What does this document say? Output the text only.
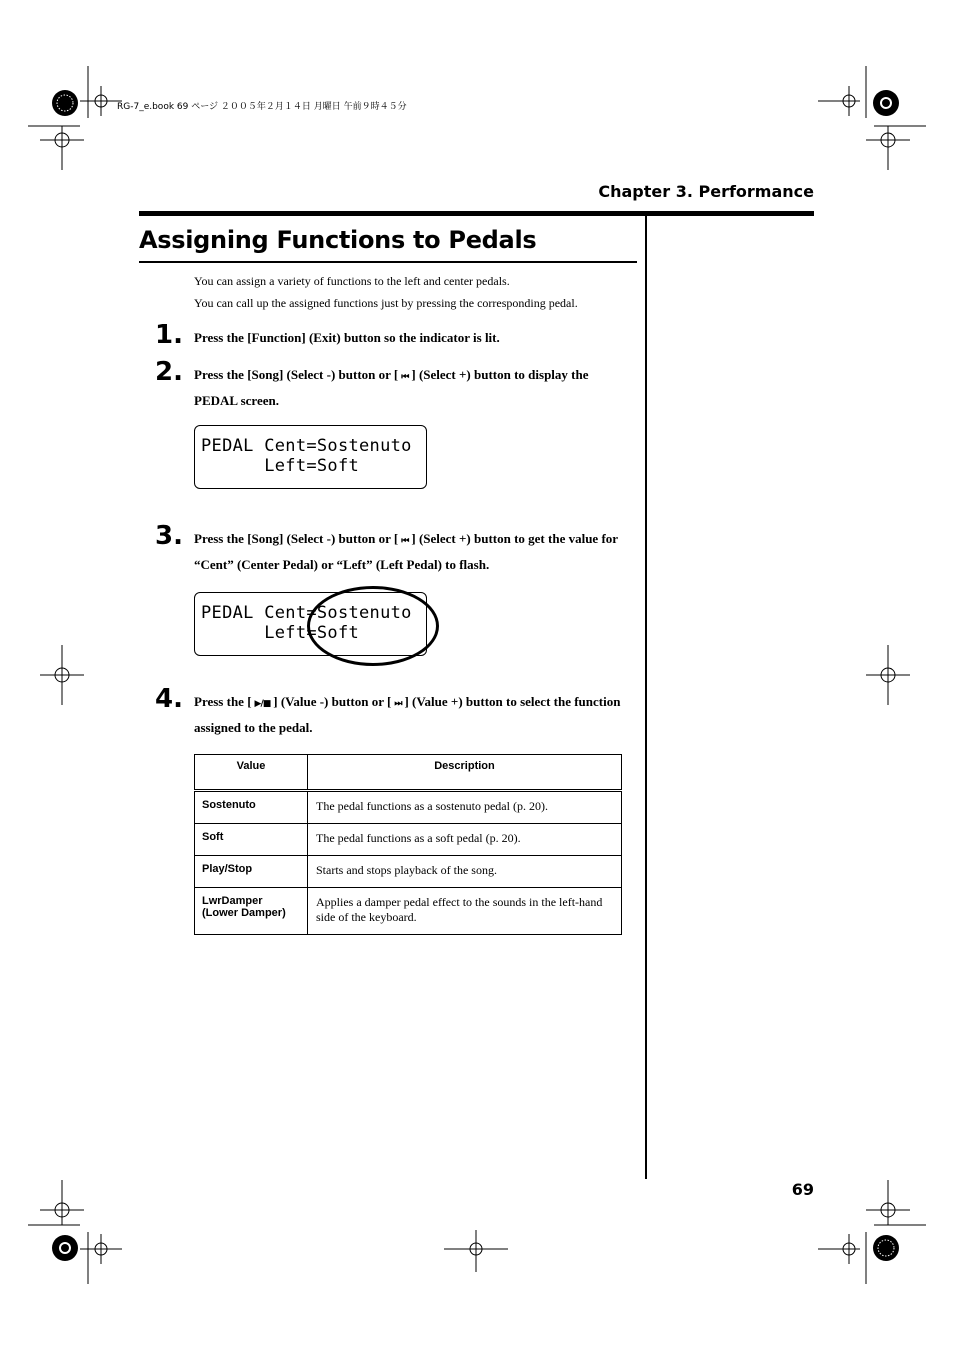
RG-7_e.book 69 ページ ２００５年２月１４日 月曜日 午前９時４５分
Chapter 3. Performance
Assigning Functions to Pedals
You can assign a variety of functions to the left and center pedals.
You can call up the assigned functions just by pressing the corresponding pedal.
1. Press the [Function] (Exit) button so the indicator is lit.
2. Press the [Song] (Select -) button or [ ⏮ ] (Select +) button to display the PEDAL screen.
PEDAL Cent=Sostenuto
Left=Soft
3. Press the [Song] (Select -) button or [ ⏮ ] (Select +) button to get the value for “Cent” (Center Pedal) or “Left” (Left Pedal) to flash.
PEDAL Cent=Sostenuto
Left=Soft
4. Press the [ ▶/■ ] (Value -) button or [ ⏭ ] (Value +) button to select the function assigned to the pedal.
Value	Description
Sostenuto	The pedal functions as a sostenuto pedal (p. 20).
Soft	The pedal functions as a soft pedal (p. 20).
Play/Stop	Starts and stops playback of the song.
LwrDamper (Lower Damper)	Applies a damper pedal effect to the sounds in the left-hand side of the keyboard.
69
